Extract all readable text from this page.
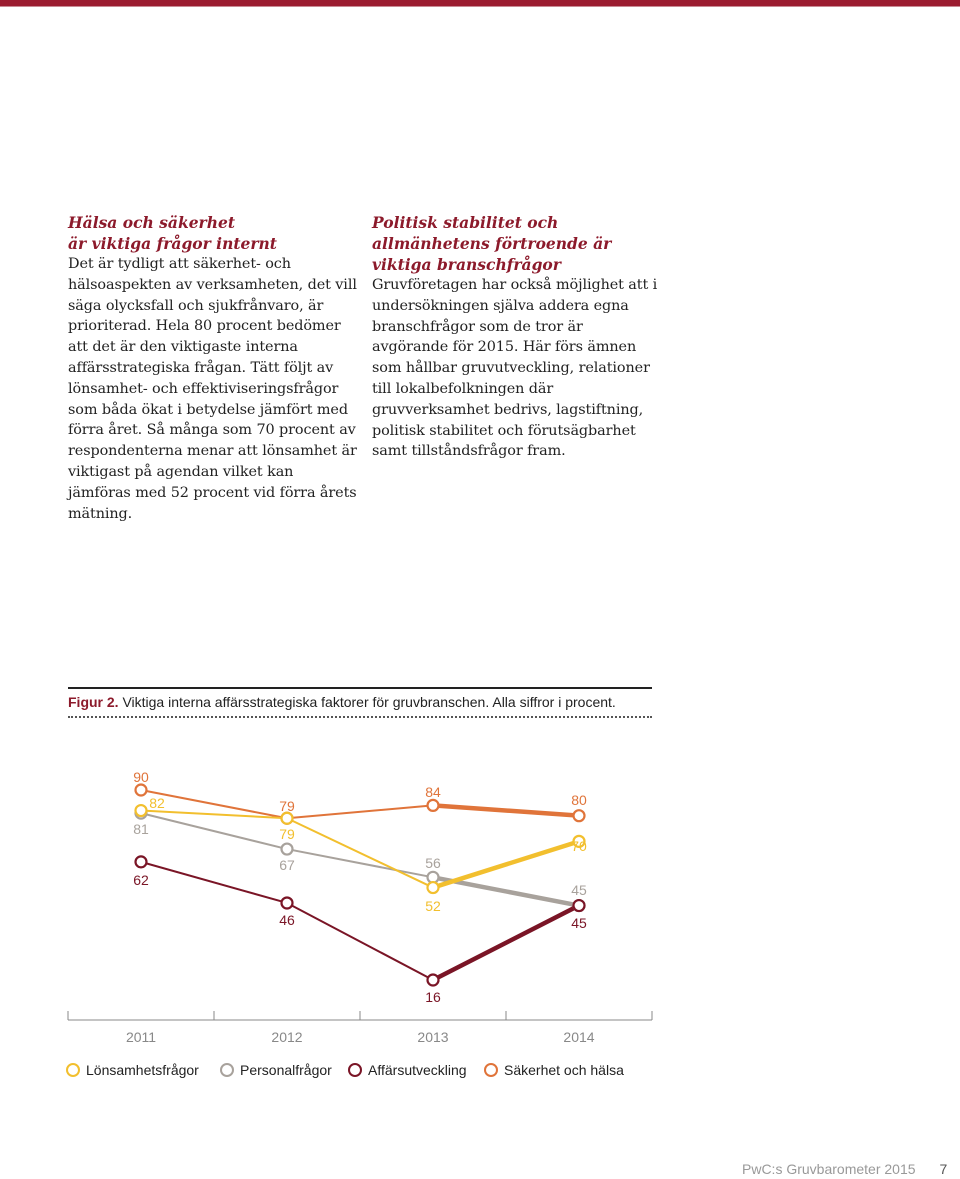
Hälsa och säkerhet
är viktiga frågor internt

Det är tydligt att säkerhet- och hälsoaspekten av verksamheten, det vill säga olycksfall och sjukfrånvaro, är prioriterad. Hela 80 procent bedömer att det är den viktigaste interna affärsstrategiska frågan. Tätt följt av lönsamhet- och effektiviseringsfrågor som båda ökat i betydelse jämfört med förra året. Så många som 70 procent av respondenterna menar att lönsamhet är viktigast på agendan vilket kan jämföras med 52 procent vid förra årets mätning.

Politisk stabilitet och
allmänhetens förtroende är
viktiga branschfrågor

Gruvföretagen har också möjlighet att i undersökningen själva addera egna branschfrågor som de tror är avgörande för 2015. Här förs ämnen som hållbar gruvutveckling, relationer till lokalbefolkningen där gruvverksamhet bedrivs, lagstiftning, politisk stabilitet och förutsägbarhet samt tillståndsfrågor fram.

Figur 2. Viktiga interna affärsstrategiska faktorer för gruvbranschen. Alla siffror i procent.
2011	2012	2013	2014
90
82
81
62
79
79
67
46
84
56
52
16
80
70
45
45
Lönsamhetsfrågor	Personalfrågor	Affärsutveckling	Säkerhet och hälsa
PwC:s Gruvbarometer 2015 7
